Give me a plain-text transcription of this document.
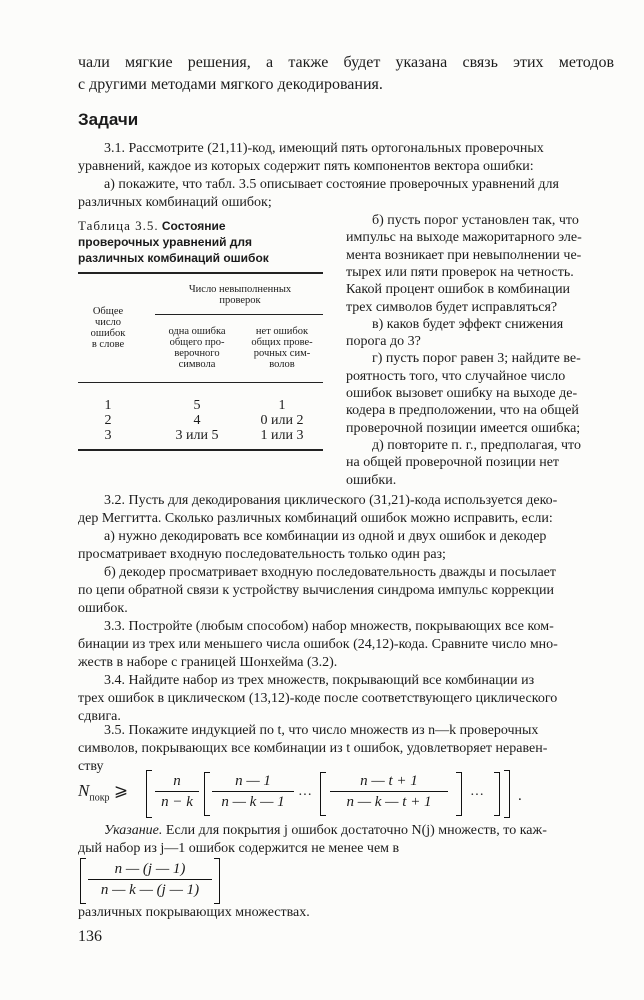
чали мягкие решения, а также будет указана связь этих методов
с другими методами мягкого декодирования.
Задачи
3.1. Рассмотрите (21,11)-код, имеющий пять ортогональных проверочных
уравнений, каждое из которых содержит пять компонентов вектора ошибки:
а) покажите, что табл. 3.5 описывает состояние проверочных уравнений для
различных комбинаций ошибок;
Таблица 3.5. Состояние
проверочных уравнений для
различных комбинаций ошибок
Число невыполненных
проверок
Общее
число
ошибок
в слове
одна ошибка
общего про-
верочного
символа
нет ошибок
общих прове-
рочных сим-
волов
1	5	1
2	4	0 или 2
3	3 или 5	1 или 3
б) пусть порог установлен так, что
импульс на выходе мажоритарного эле-
мента возникает при невыполнении че-
тырех или пяти проверок на четность.
Какой процент ошибок в комбинации
трех символов будет исправляться?
в) каков будет эффект снижения
порога до 3?
г) пусть порог равен 3; найдите ве-
роятность того, что случайное число
ошибок вызовет ошибку на выходе де-
кодера в предположении, что на общей
проверочной позиции имеется ошибка;
д) повторите п. г., предполагая, что
на общей проверочной позиции нет
ошибки.
3.2. Пусть для декодирования циклического (31,21)-кода используется деко-
дер Меггитта. Сколько различных комбинаций ошибок можно исправить, если:
а) нужно декодировать все комбинации из одной и двух ошибок и декодер
просматривает входную последовательность только один раз;
б) декодер просматривает входную последовательность дважды и посылает
по цепи обратной связи к устройству вычисления синдрома импульс коррекции
ошибок.
3.3. Постройте (любым способом) набор множеств, покрывающих все ком-
бинации из трех или меньшего числа ошибок (24,12)-кода. Сравните число мно-
жеств в наборе с границей Шонхейма (3.2).
3.4. Найдите набор из трех множеств, покрывающий все комбинации из
трех ошибок в циклическом (13,12)-коде после соответствующего циклического
сдвига.
3.5. Покажите индукцией по t, что число множеств из n—k проверочных
символов, покрывающих все комбинации из t ошибок, удовлетворяет неравен-
ству
$N_{покр}$ ⩾	n
n − k
n — 1
n — k — 1 ···
n — t + 1
n — k — t + 1	··· .
Указание. Если для покрытия j ошибок достаточно N(j) множеств, то каж-
дый набор из j—1 ошибок содержится не менее чем в
n — (j — 1)
n — k — (j — 1)
различных покрывающих множествах.
136
